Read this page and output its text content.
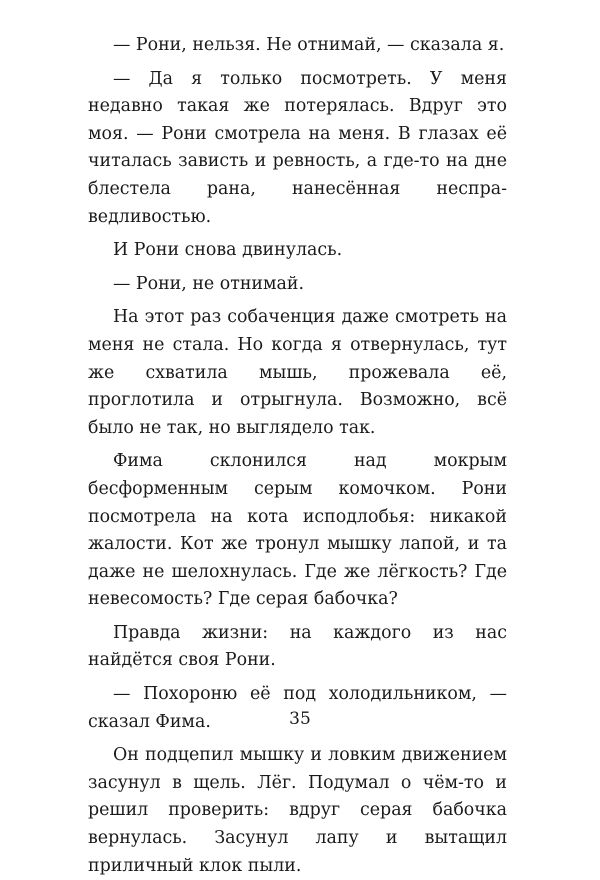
— Рони, нельзя. Не отнимай, — сказала я.

— Да я только посмотреть. У меня недавно такая же потерялась. Вдруг это моя. — Рони смотрела на меня. В глазах её читалась зависть и ревность, а где-то на дне блестела рана, нанесённая несправедливостью.

И Рони снова двинулась.

— Рони, не отнимай.

На этот раз собаченция даже смотреть на меня не стала. Но когда я отвернулась, тут же схватила мышь, прожевала её, проглотила и отрыгнула. Возможно, всё было не так, но выглядело так.

Фима склонился над мокрым бесформенным серым комочком. Рони посмотрела на кота исподлобья: никакой жалости. Кот же тронул мышку лапой, и та даже не шелохнулась. Где же лёгкость? Где невесомость? Где серая бабочка?

Правда жизни: на каждого из нас найдётся своя Рони.

— Похороню её под холодильником, — сказал Фима.

Он подцепил мышку и ловким движением засунул в щель. Лёг. Подумал о чём-то и решил проверить: вдруг серая бабочка вернулась. Засунул лапу и вытащил приличный клок пыли.

35
